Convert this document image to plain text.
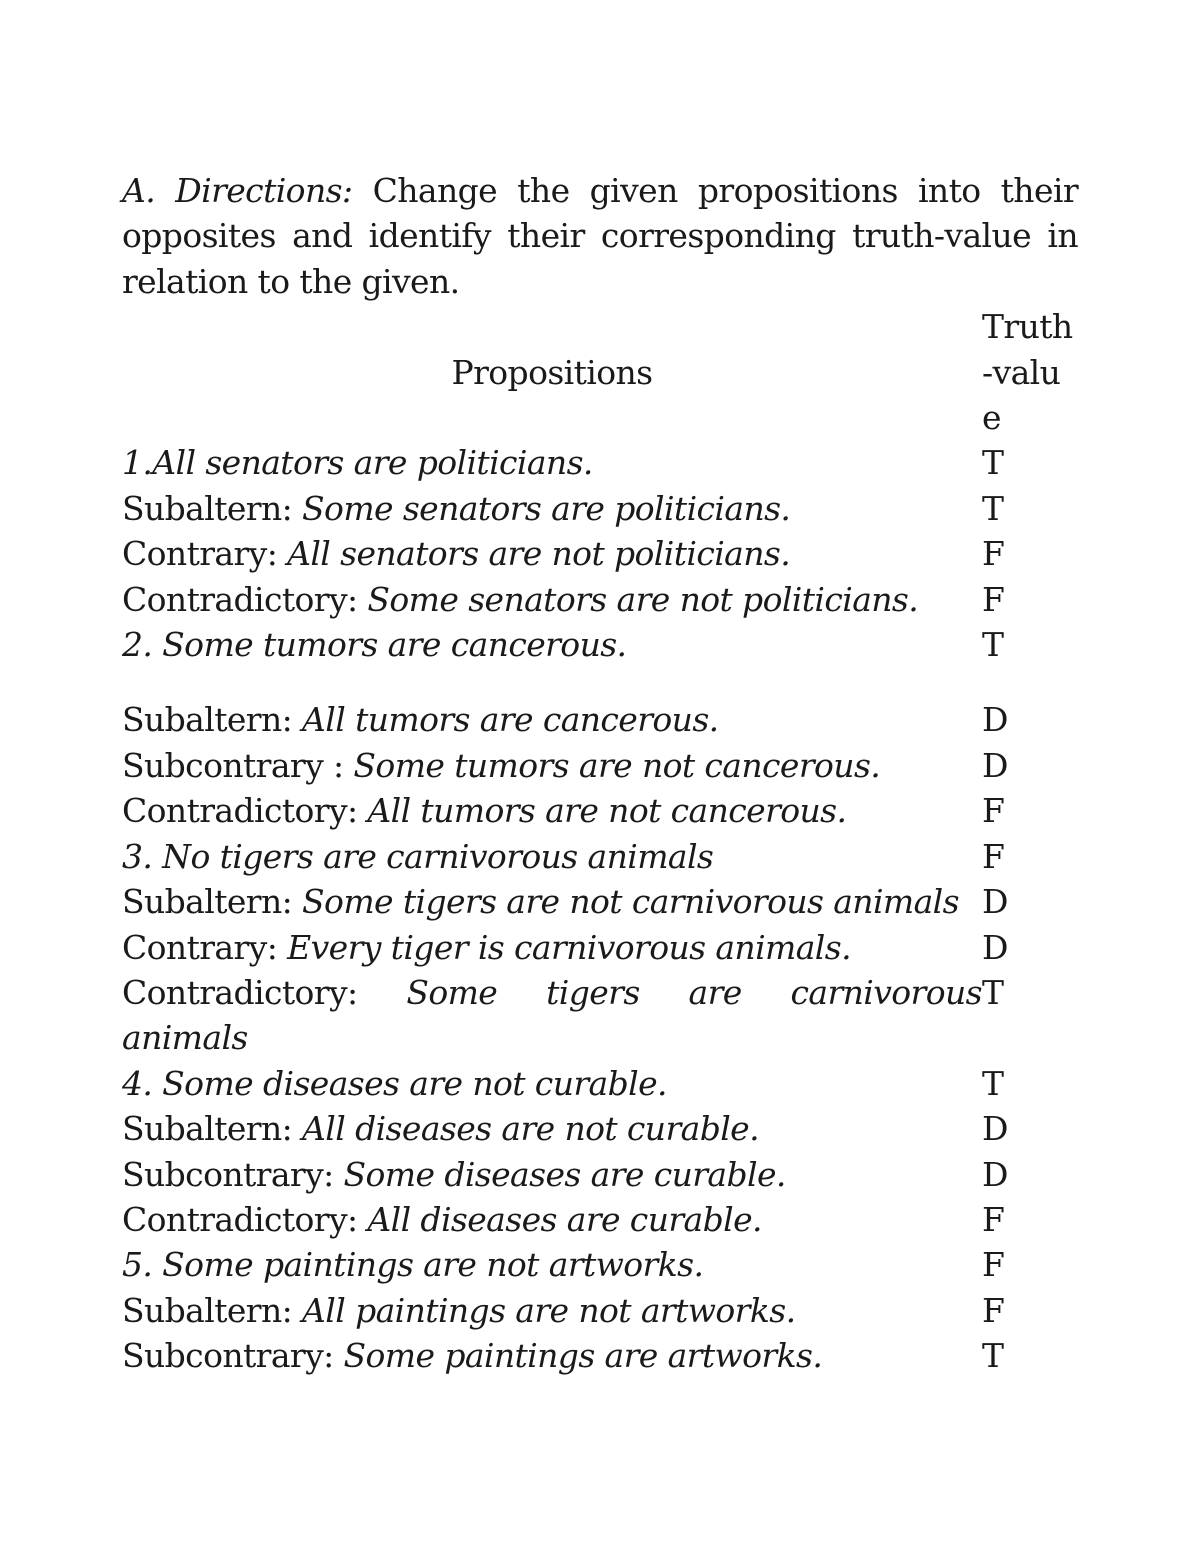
A. Directions: Change the given propositions into their opposites and identify their corresponding truth-value in relation to the given.

Propositions	Truth
-valu
e

1.All senators are politicians.	T
Subaltern: Some senators are politicians.	T
Contrary: All senators are not politicians.	F
Contradictory: Some senators are not politicians.	F
2. Some tumors are cancerous.	T
Subaltern: All tumors are cancerous.	D
Subcontrary : Some tumors are not cancerous.	D
Contradictory: All tumors are not cancerous.	F
3. No tigers are carnivorous animals	F
Subaltern: Some tigers are not carnivorous animals	D
Contrary: Every tiger is carnivorous animals.	D

Contradictory: Some tigers are carnivorous
animals	T
4. Some diseases are not curable.	T
Subaltern: All diseases are not curable.	D
Subcontrary: Some diseases are curable.	D
Contradictory: All diseases are curable.	F
5. Some paintings are not artworks.	F
Subaltern: All paintings are not artworks.	F
Subcontrary: Some paintings are artworks.	T
